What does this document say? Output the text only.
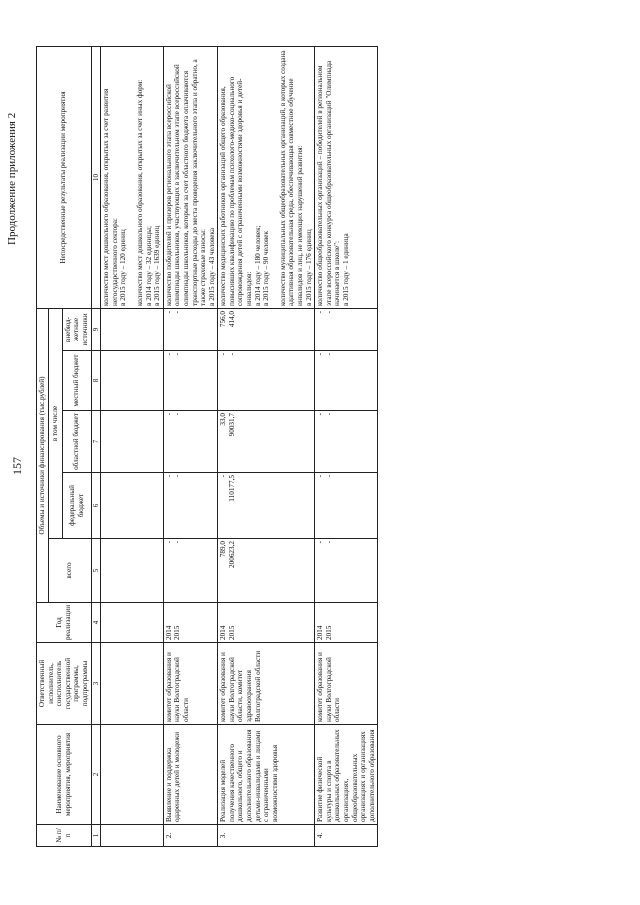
157
Продолжение приложения 2
№ п/п	Наименование основного мероприятия, мероприятия	Ответственный исполнитель, соисполнитель государственной программы, подпрограммы	Год реализации	Объемы и источники финансирования (тыс.рублей)					Непосредственные результаты реализации мероприятия
				всего	в том числе				
					федеральный бюджет	областной бюджет	местный бюджет	внебюд-жетные источники	
1	2	3	4	5	6	7	8	9	10

									количество мест дошкольного образования, открытых за счет развития негосударственного сектора: в 2015 году – 120 единиц количество мест дошкольного образования, открытых за счет иных форм: в 2014 году – 32 единицы; в 2015 году – 1639 единиц

2.	Выявление и поддержка одаренных детей и молодежи	комитет образования и науки Волгоградской области	2014 2015	- -	- -	- -	- -	- -	количество победителей и призеров регионального этапа всероссийской олимпиады школьников, участвующих в заключительном этапе всероссийской олимпиады школьников, которым за счет областного бюджета оплачиваются транспортные расходы до места проведения заключительного этапа и обратно, а также страховые взносы: в 2015 году – 43 человека

3.	Реализация моделей получения качественного дошкольного, общего и дополнительного образования детьми-инвалидами и лицами с ограниченными возможностями здоровья	комитет образования и науки Волгоградской области, комитет здравоохранения Волгоградской области	2014 2015	789,0 200623,2	- 110177,5	33,0 90031,7	- -	756,0 414,0	количество медицинских работников организаций общего образования, повысивших квалификацию по проблемам психолого-медико-социального сопровождения детей с ограниченными возможностями здоровья и детей-инвалидов: в 2014 году – 180 человек; в 2015 году – 90 человек количество муниципальных общеобразовательных организаций, в которых создана адаптивная образовательная среда, обеспечивающая совместное обучение инвалидов и лиц, не имеющих нарушений развития: в 2015 году – 176 единиц

4.	Развитие физической культуры и спорта в дошкольных образовательных организациях, общеобразовательных организациях и организациях дополнительного образования	комитет образования и науки Волгоградской области	2014 2015	- -	- -	- -	- -	- -	количество общеобразовательных организаций – победителей в региональном этапе всероссийского конкурса общеобразовательных организаций "Олимпиада начинается в школе": в 2015 году – 1 единица
